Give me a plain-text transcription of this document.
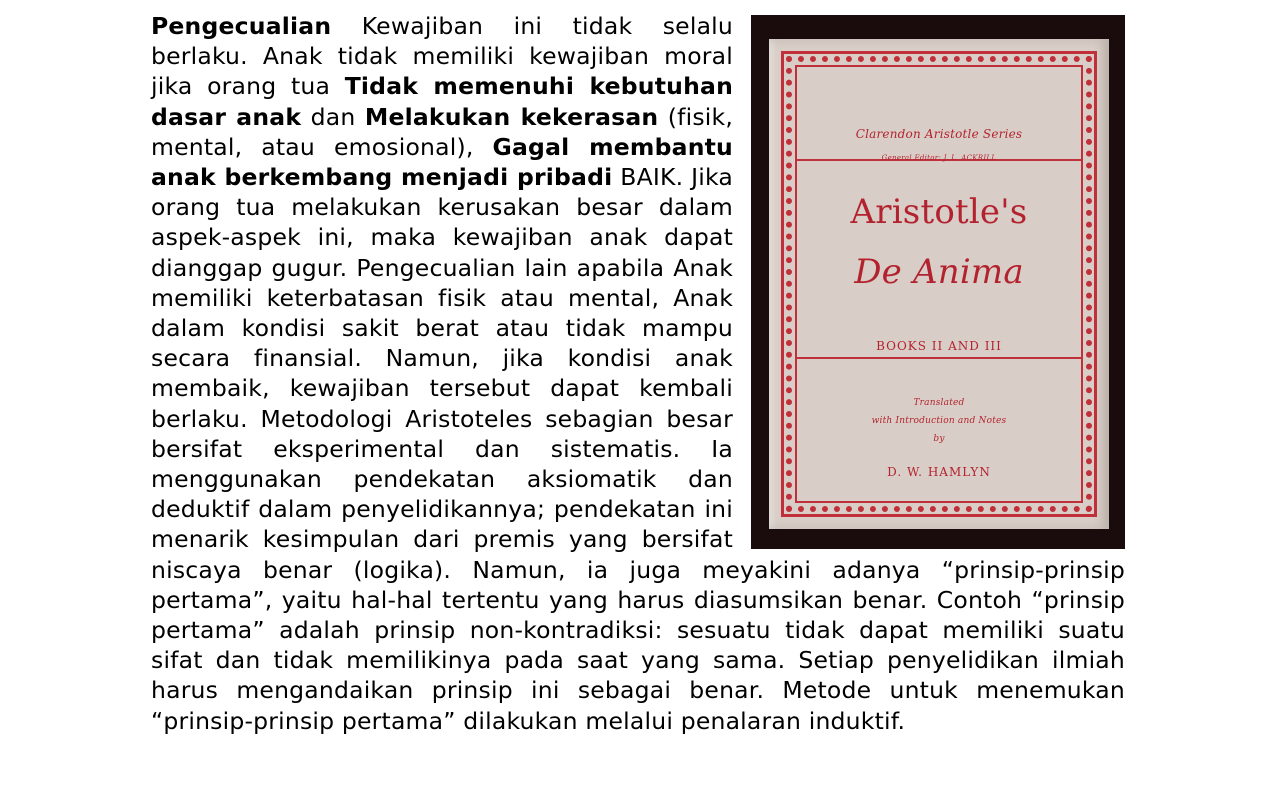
Clarendon Aristotle Series
General Editor: J. L. ACKRILL
Aristotle's
De Anima
BOOKS II AND III
Translated
with Introduction and Notes
by
D. W. HAMLYN

Pengecualian Kewajiban ini tidak selalu berlaku. Anak tidak memiliki kewajiban moral jika orang tua Tidak memenuhi kebutuhan dasar anak dan Melakukan kekerasan (fisik, mental, atau emosional), Gagal membantu anak berkembang menjadi pribadi BAIK. Jika orang tua melakukan kerusakan besar dalam aspek-aspek ini, maka kewajiban anak dapat dianggap gugur. Pengecualian lain apabila Anak memiliki keterbatasan fisik atau mental, Anak dalam kondisi sakit berat atau tidak mampu secara finansial. Namun, jika kondisi anak membaik, kewajiban tersebut dapat kembali berlaku. Metodologi Aristoteles sebagian besar bersifat eksperimental dan sistematis. Ia menggunakan pendekatan aksiomatik dan deduktif dalam penyelidikannya; pendekatan ini menarik kesimpulan dari premis yang bersifat niscaya benar (logika). Namun, ia juga meyakini adanya “prinsip-prinsip pertama”, yaitu hal-hal tertentu yang harus diasumsikan benar. Contoh “prinsip pertama” adalah prinsip non-kontradiksi: sesuatu tidak dapat memiliki suatu sifat dan tidak memilikinya pada saat yang sama. Setiap penyelidikan ilmiah harus mengandaikan prinsip ini sebagai benar. Metode untuk menemukan “prinsip-prinsip pertama” dilakukan melalui penalaran induktif.
